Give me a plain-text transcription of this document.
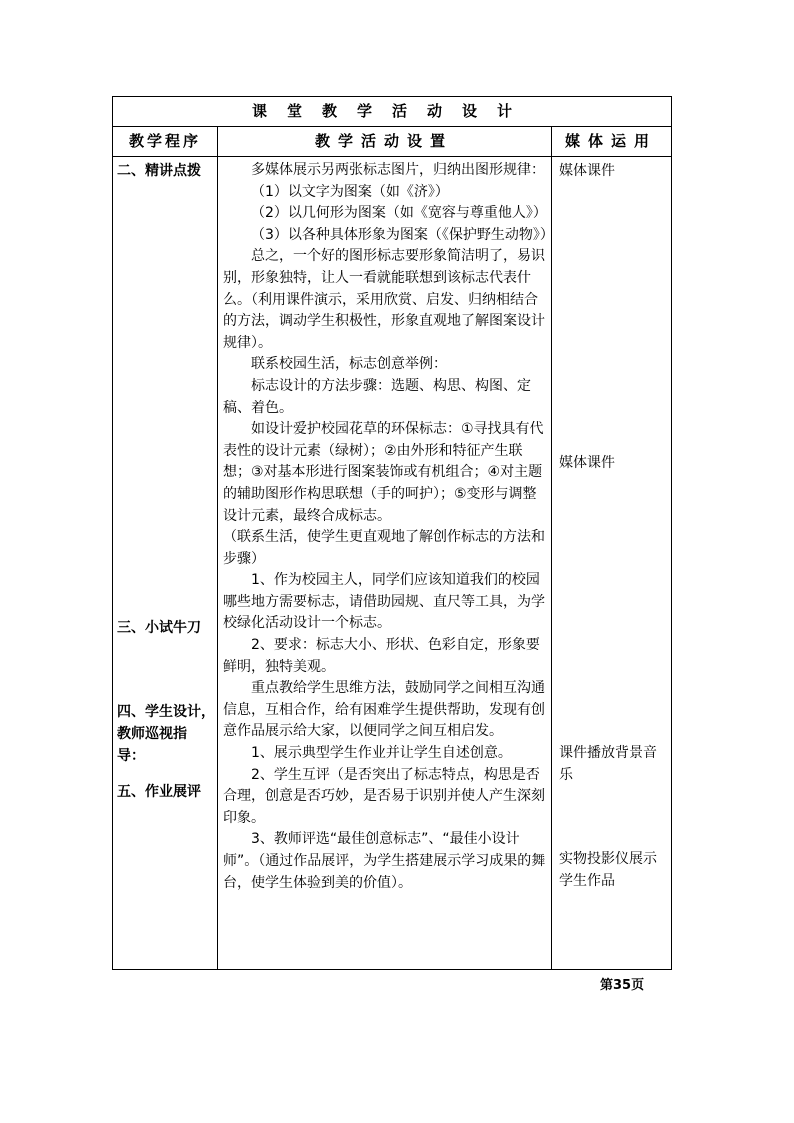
课堂教学活动设计
教学程序	教学活动设置	媒体运用
二、精讲点拨
三、小试牛刀
四、学生设计，
教师巡视指
导：
五、作业展评

多媒体展示另两张标志图片，归纳出图形规律：

（1）以文字为图案（如《济》）

（2）以几何形为图案（如《宽容与尊重他人》）

（3）以各种具体形象为图案（《保护野生动物》）

总之，一个好的图形标志要形象简洁明了，易识别，形象独特，让人一看就能联想到该标志代表什么。（利用课件演示，采用欣赏、启发、归纳相结合的方法，调动学生积极性，形象直观地了解图案设计规律）。

联系校园生活，标志创意举例：

标志设计的方法步骤：选题、构思、构图、定稿、着色。

如设计爱护校园花草的环保标志：①寻找具有代表性的设计元素（绿树）；②由外形和特征产生联想；③对基本形进行图案装饰或有机组合；④对主题的辅助图形作构思联想（手的呵护）；⑤变形与调整设计元素，最终合成标志。

（联系生活，使学生更直观地了解创作标志的方法和步骤）

1、作为校园主人，同学们应该知道我们的校园哪些地方需要标志，请借助园规、直尺等工具，为学校绿化活动设计一个标志。

2、要求：标志大小、形状、色彩自定，形象要鲜明，独特美观。

重点教给学生思维方法，鼓励同学之间相互沟通信息，互相合作，给有困难学生提供帮助，发现有创意作品展示给大家，以便同学之间互相启发。

1、展示典型学生作业并让学生自述创意。

2、学生互评（是否突出了标志特点，构思是否合理，创意是否巧妙，是否易于识别并使人产生深刻印象。

3、教师评选“最佳创意标志”、“最佳小设计师”。（通过作品展评，为学生搭建展示学习成果的舞台，使学生体验到美的价值）。

媒体课件
媒体课件
课件播放背景音乐
实物投影仪展示学生作品
第35页
